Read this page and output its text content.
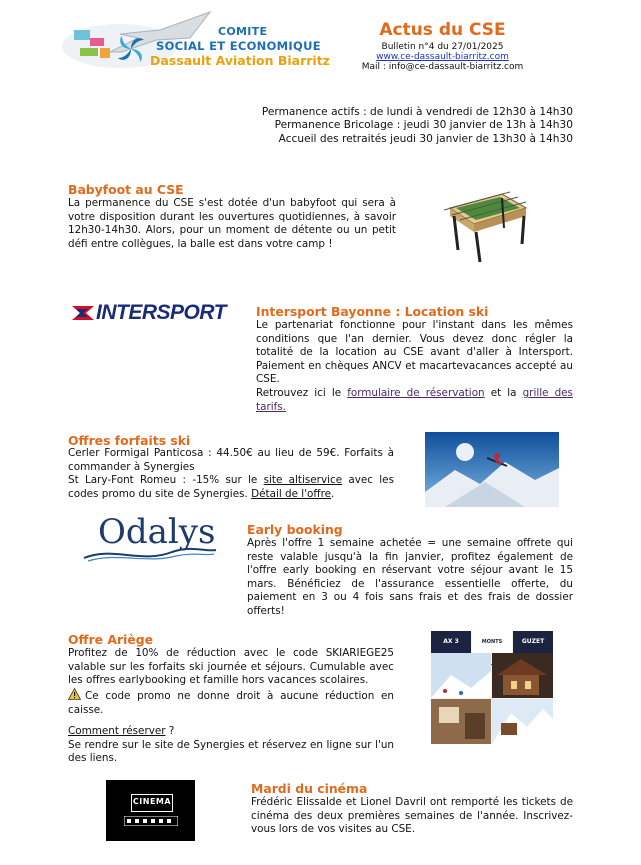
COMITE
SOCIAL ET ECONOMIQUE
Dassault Aviation Biarritz
Actus du CSE
Bulletin n°4 du 27/01/2025
www.ce-dassault-biarritz.com
Mail : info@ce-dassault-biarritz.com
Permanence actifs : de lundi à vendredi de 12h30 à 14h30
Permanence Bricolage : jeudi 30 janvier de 13h à 14h30
Accueil des retraités jeudi 30 janvier de 13h30 à 14h30
Babyfoot au CSE
La permanence du CSE s'est dotée d'un babyfoot qui sera à votre disposition durant les ouvertures quotidiennes, à savoir 12h30-14h30. Alors, pour un moment de détente ou un petit défi entre collègues, la balle est dans votre camp !
INTERSPORT Intersport Bayonne : Location ski
Le partenariat fonctionne pour l'instant dans les mêmes conditions que l'an dernier. Vous devez donc régler la totalité de la location au CSE avant d'aller à Intersport. Paiement en chèques ANCV et macartevacances accepté au CSE.
Retrouvez ici le formulaire de réservation et la grille des tarifs.
Offres forfaits ski
Cerler Formigal Panticosa : 44.50€ au lieu de 59€. Forfaits à commander à Synergies
St Lary-Font Romeu : -15% sur le site altiservice avec les codes promo du site de Synergies. Détail de l'offre.
Odalys	Early booking
Après l'offre 1 semaine achetée = une semaine offrete qui reste valable jusqu'à la fin janvier, profitez également de l'offre early booking en réservant votre séjour avant le 15 mars. Bénéficiez de l'assurance essentielle offerte, du paiement en 3 ou 4 fois sans frais et des frais de dossier offerts!
Offre Ariège
Profitez de 10% de réduction avec le code SKIARIEGE25 valable sur les forfaits ski journée et séjours. Cumulable avec les offres earlybooking et famille hors vacances scolaires.
Ce code promo ne donne droit à aucune réduction en caisse.
Comment réserver ?
Se rendre sur le site de Synergies et réservez en ligne sur l'un des liens.
AX 3	MONTS	GUZET
CINEMA
Mardi du cinéma
Frédéric Elissalde et Lionel Davril ont remporté les tickets de cinéma des deux premières semaines de l'année. Inscrivez-vous lors de vos visites au CSE.
